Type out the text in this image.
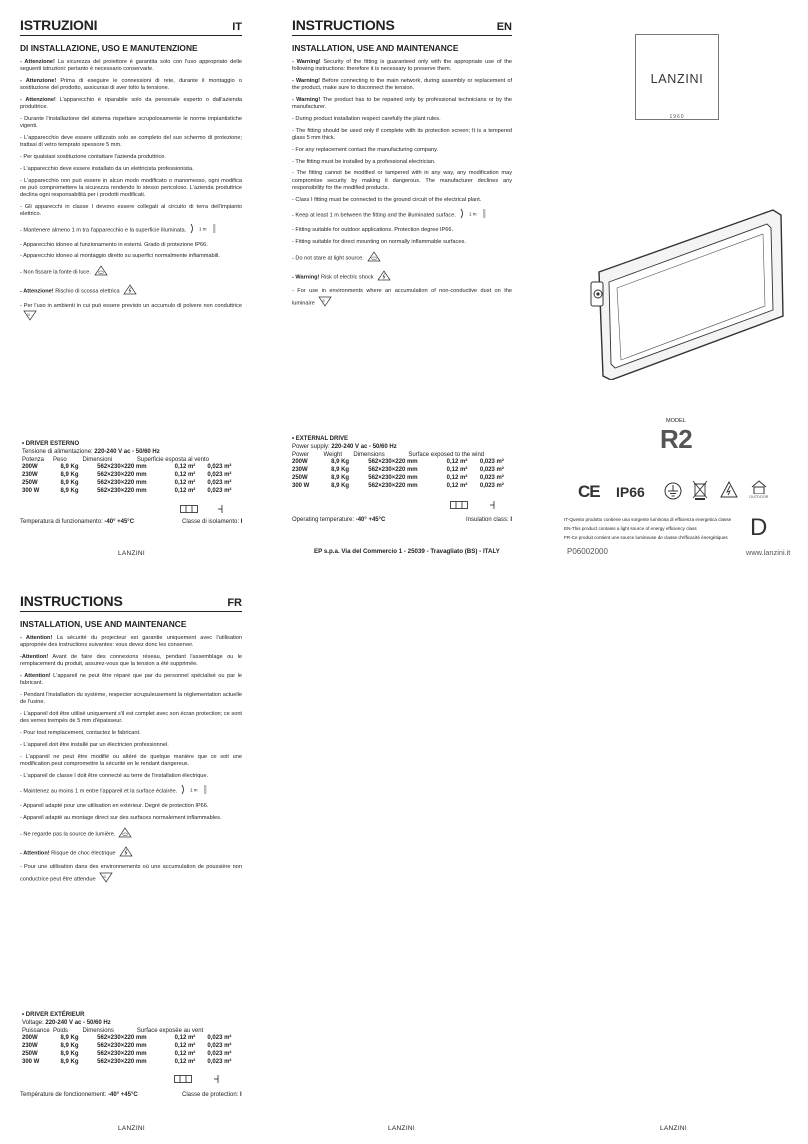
ISTRUZIONI	IT
DI INSTALLAZIONE, USO E MANUTENZIONE
- Attenzione! La sicurezza del proiettore è garantita solo con l'uso appropriato delle seguenti istruzioni: pertanto è necessario conservarle.
- Attenzione! Prima di eseguire le connessioni di rete, durante il montaggio o sostituzione del prodotto, assicurasi di aver tolto la tensione.
- Attenzione! L'apparecchio è riparabile solo da personale esperto o dall'azienda produttrice.
- Durante l'installazione del sistema rispettare scrupolosamente le norme impiantistiche vigenti.
- L'apparecchio deve essere utilizzato solo se completo del suo schermo di protezione; trattasi di vetro temprato spessore 5 mm.
- Per qualsiasi sostituzione contattare l'azienda produttrice.
- L'apparecchio deve essere installato da un elettricista professionista.
- L'apparecchio non può essere in alcun modo modificato o manomesso, ogni modifica ne può compromettere la sicurezza rendendo lo stesso pericoloso. L'azienda produttrice declina ogni responsabilità per i prodotti modificati.
- Gli apparecchi in classe I devono essere collegati al circuito di terra dell'impianto elettrico.
- Mantenere almeno 1 m tra l'apparecchio e la superficie illuminata.	1 m
- Apparecchio idoneo al funzionamento in esterni. Grado di protezione IP66.
- Apparecchio idoneo al montaggio diretto su superfici normalmente infiammabili.
- Non fissare la fonte di luce.
- Attenzione! Rischio di scossa elettrica
- Per l'uso in ambienti in cui può essere previsto un accumulo di polvere non conduttrice
D
INSTRUCTIONS	EN
INSTALLATION, USE AND MAINTENANCE
- Warning! Security of the fitting is guaranteed only with the appropriate use of the following instructions: therefore it is necessary to preserve them.
- Warning! Before connecting to the main network, during assembly or replacement of the product, make sure to disconnect the tension.
- Warning! The product has to be repaired only by professional technicians or by the manufacturer.
- During product installation respect carefully the plant rules.
- The fitting should be used only if complete with its protection screen; It is a tempered glass 5 mm thick.
- For any replacement contact the manufacturing company.
- The fitting must be installed by a professional electrician.
- The fitting cannot be modified or tampered with in any way, any modification may compromise security by making it dangerous. The manufacturer declines any responsibility for the modified products.
- Class I fitting must be connected to the ground circuit of the electrical plant.
- Keep at least 1 m between the fitting and the illuminated surface.	1 m
- Fitting suitable for outdoor applications. Protection degree IP66.
- Fitting suitable for direct mounting on normally inflammable surfaces.
- Do not stare at light source.
- Warning! Risk of electric shock
- For use in environments where an accumulation of non-conductive dust on the luminaire D
INSTRUCTIONS	FR
INSTALLATION, USE AND MAINTENANCE
- Attention! La sécurité du projecteur est garantie uniquement avec l'utilisation appropriée des instructions suivantes: vous devez donc les conserver.
-Attention! Avant de faire des connexions réseau, pendant l'assemblage ou le remplacement du produit, assurez-vous que la tension a été supprimée.
- Attention! L'appareil ne peut être réparé que par du personnel spécialisé ou par le fabricant.
- Pendant l'installation du système, respecter scrupuleusement la réglementation actuelle de l'usine.
- L'appareil doit être utilisé uniquement s'il est complet avec son écran protection; ce sont des verres trempés de 5 mm d'épaisseur.
- Pour tout remplacement, contactez le fabricant.
- L'appareil doit être installé par un électricien professionnel.
- L'appareil ne peut être modifié ou altéré de quelque manière que ce soit une modification peut compromettre la sécurité en le rendant dangereux.
- L'appareil de classe I doit être connecté au terre de l'installation électrique.
- Maintenez au moins 1 m entre l'appareil et la surface éclairée.	1 m
- Appareil adapté pour une utilisation en extérieur. Degré de protection IP66.
- Appareil adapté au montage direct sur des surfaces normalement inflammables.
- Ne regarde pas la source de lumière.
- Attention! Risque de choc électrique
- Pour une utilisation dans des environnements où une accumulation de poussière non conductrice peut être attendue D
• DRIVER ESTERNO
Tensione di alimentazione: 220-240 V ac - 50/60 Hz
Potenza	Peso	Dimensioni	Superficie esposta al vento
200W	8,9 Kg	562×230×220 mm	0,12 m²	0,023 m²
230W	8,9 Kg	562×230×220 mm	0,12 m²	0,023 m²
250W	8,9 Kg	562×230×220 mm	0,12 m²	0,023 m²
300 W	8,9 Kg	562×230×220 mm	0,12 m²	0,023 m²
• EXTERNAL DRIVE
Power supply: 220-240 V ac - 50/60 Hz
Power	Weight	Dimensions	Surface exposed to the wind
200W	8,9 Kg	562×230×220 mm	0,12 m²	0,023 m²
230W	8,9 Kg	562×230×220 mm	0,12 m²	0,023 m²
250W	8,9 Kg	562×230×220 mm	0,12 m²	0,023 m²
300 W	8,9 Kg	562×230×220 mm	0,12 m²	0,023 m²
• DRIVER EXTÉRIEUR
Voltage: 220-240 V ac - 50/60 Hz
Puissance Poids	Dimensions	Surface exposée au vent
200W	8,9 Kg	562×230×220 mm	0,12 m²	0,023 m²
230W	8,9 Kg	562×230×220 mm	0,12 m²	0,023 m²
250W	8,9 Kg	562×230×220 mm	0,12 m²	0,023 m²
300 W	8,9 Kg	562×230×220 mm	0,12 m²	0,023 m²
Temperatura di funzionamento: -40° +45°C	Classe di isolamento: I	Operating temperature: -40° +45°C	Insulation class: I
Température de fonctionnement: -40° +45°C	Classe de protection: I
LANZINI	EP s.p.a. Via del Commercio 1 - 25039 - Travagliato (BS) - ITALY
LANZINI
1960
MODEL
R2
CE IP66	OUTDOOR
IT-Questo prodotto contiene una sorgente luminosa di efficienza energetica classe
EN-This product contains a light source of energy efficiency class
FR-Ce produit contient une source lumineuse de classe d'efficacité énergétiques D
P06002000	www.lanzini.it
LANZINI	LANZINI	LANZINI
